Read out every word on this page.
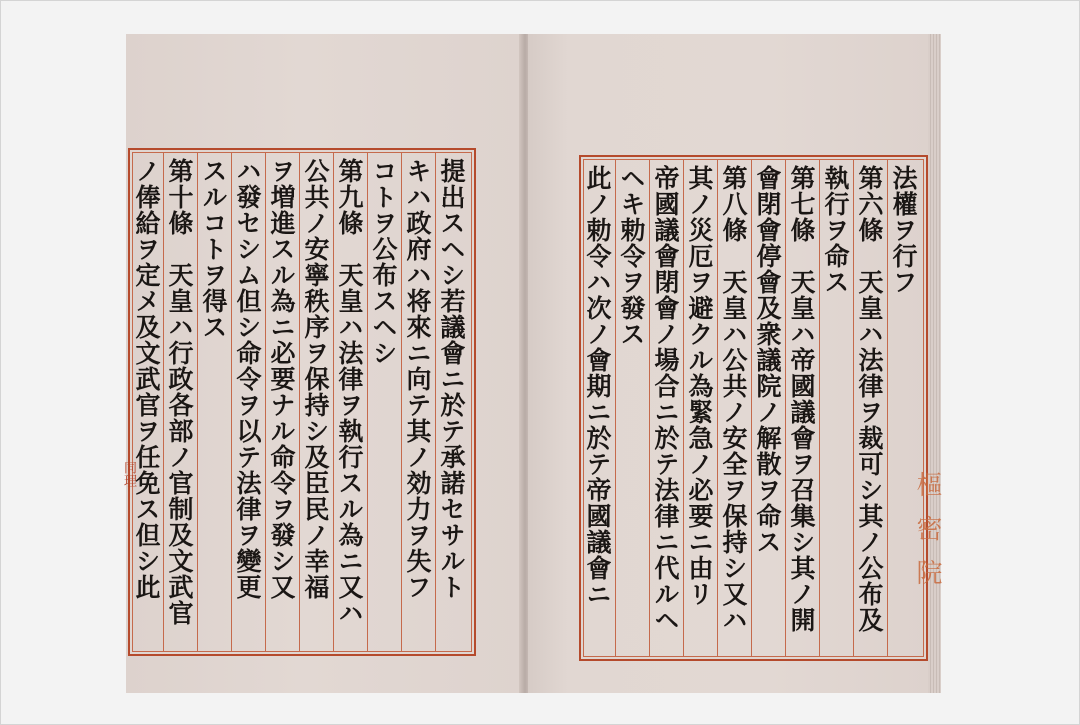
提出スヘシ若議會ニ於テ承諾セサルト
キハ政府ハ将來ニ向テ其ノ効力ヲ失フ
コトヲ公布スヘシ
第九條　天皇ハ法律ヲ執行スル為ニ又ハ
公共ノ安寧秩序ヲ保持シ及臣民ノ幸福
ヲ増進スル為ニ必要ナル命令ヲ發シ又
ハ發セシム但シ命令ヲ以テ法律ヲ變更
スルコトヲ得ス
第十條　天皇ハ行政各部ノ官制及文武官
ノ俸給ヲ定メ及文武官ヲ任免ス但シ此
同理
法權ヲ行フ
第六條　天皇ハ法律ヲ裁可シ其ノ公布及
執行ヲ命ス
第七條　天皇ハ帝國議會ヲ召集シ其ノ開
會閉會停會及衆議院ノ解散ヲ命ス
第八條　天皇ハ公共ノ安全ヲ保持シ又ハ
其ノ災厄ヲ避クル為緊急ノ必要ニ由リ
帝國議會閉會ノ場合ニ於テ法律ニ代ルヘ
ヘキ勅令ヲ發ス
此ノ勅令ハ次ノ會期ニ於テ帝國議會ニ	樞密院
